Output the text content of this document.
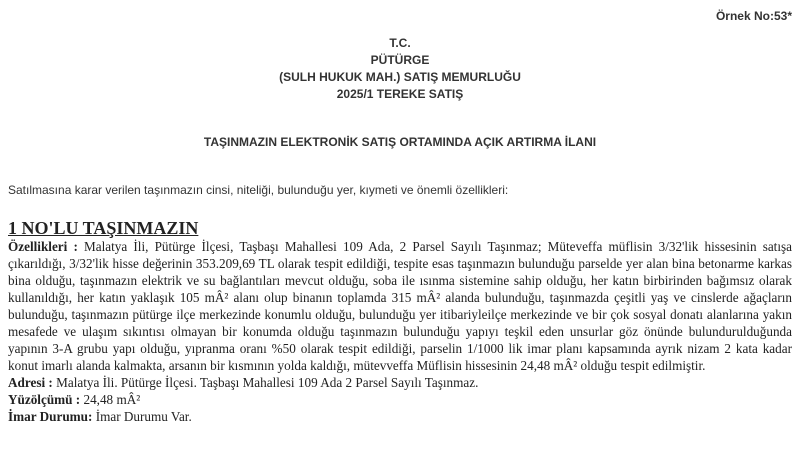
Örnek No:53*
T.C.
PÜTÜRGE
(SULH HUKUK MAH.) SATIŞ MEMURLUĞU
2025/1 TEREKE SATIŞ
TAŞINMAZIN ELEKTRONİK SATIŞ ORTAMINDA AÇIK ARTIRMA İLANI
Satılmasına karar verilen taşınmazın cinsi, niteliği, bulunduğu yer, kıymeti ve önemli özellikleri:
1 NO'LU TAŞINMAZIN

Özellikleri : Malatya İli, Pütürge İlçesi, Taşbaşı Mahallesi 109 Ada, 2 Parsel Sayılı Taşınmaz; Müteveffa müflisin 3/32'lik hissesinin satışa çıkarıldığı, 3/32'lik hisse değerinin 353.209,69 TL olarak tespit edildiği, tespite esas taşınmazın bulunduğu parselde yer alan bina betonarme karkas bina olduğu, taşınmazın elektrik ve su bağlantıları mevcut olduğu, soba ile ısınma sistemine sahip olduğu, her katın birbirinden bağımsız olarak kullanıldığı, her katın yaklaşık 105 mÂ² alanı olup binanın toplamda 315 mÂ² alanda bulunduğu, taşınmazda çeşitli yaş ve cinslerde ağaçların bulunduğu, taşınmazın pütürge ilçe merkezinde konumlu olduğu, bulunduğu yer itibariyleilçe merkezinde ve bir çok sosyal donatı alanlarına yakın mesafede ve ulaşım sıkıntısı olmayan bir konumda olduğu taşınmazın bulunduğu yapıyı teşkil eden unsurlar göz önünde bulundurulduğunda yapının 3-A grubu yapı olduğu, yıpranma oranı %50 olarak tespit edildiği, parselin 1/1000 lik imar planı kapsamında ayrık nizam 2 kata kadar konut imarlı alanda kalmakta, arsanın bir kısmının yolda kaldığı, mütevveffa Müflisin hissesinin 24,48 mÂ² olduğu tespit edilmiştir.

Adresi : Malatya İli. Pütürge İlçesi. Taşbaşı Mahallesi 109 Ada 2 Parsel Sayılı Taşınmaz.

Yüzölçümü : 24,48 mÂ²

İmar Durumu: İmar Durumu Var.
